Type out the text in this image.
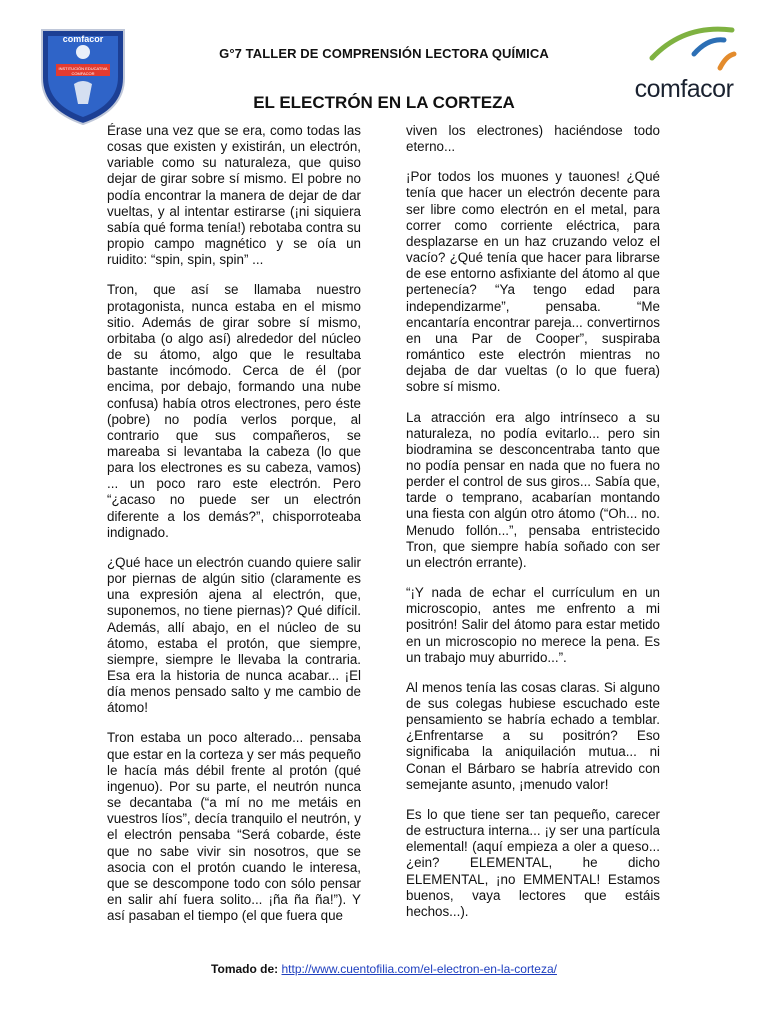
comfacor
INSTITUCIÓN EDUCATIVA COMFACOR
G°7 TALLER DE COMPRENSIÓN LECTORA QUÍMICA
comfacor
EL ELECTRÓN EN LA CORTEZA

Érase una vez que se era, como todas las cosas que existen y existirán, un electrón, variable como su naturaleza, que quiso dejar de girar sobre sí mismo. El pobre no podía encontrar la manera de dejar de dar vueltas, y al intentar estirarse (¡ni siquiera sabía qué forma tenía!) rebotaba contra su propio campo magnético y se oía un ruidito: “spin, spin, spin” ...

Tron, que así se llamaba nuestro protagonista, nunca estaba en el mismo sitio. Además de girar sobre sí mismo, orbitaba (o algo así) alrededor del núcleo de su átomo, algo que le resultaba bastante incómodo. Cerca de él (por encima, por debajo, formando una nube confusa) había otros electrones, pero éste (pobre) no podía verlos porque, al contrario que sus compañeros, se mareaba si levantaba la cabeza (lo que para los electrones es su cabeza, vamos) ... un poco raro este electrón. Pero “¿acaso no puede ser un electrón diferente a los demás?”, chisporroteaba indignado.

¿Qué hace un electrón cuando quiere salir por piernas de algún sitio (claramente es una expresión ajena al electrón, que, suponemos, no tiene piernas)? Qué difícil. Además, allí abajo, en el núcleo de su átomo, estaba el protón, que siempre, siempre, siempre le llevaba la contraria. Esa era la historia de nunca acabar... ¡El día menos pensado salto y me cambio de átomo!

Tron estaba un poco alterado... pensaba que estar en la corteza y ser más pequeño le hacía más débil frente al protón (qué ingenuo). Por su parte, el neutrón nunca se decantaba (“a mí no me metáis en vuestros líos”, decía tranquilo el neutrón, y el electrón pensaba “Será cobarde, éste que no sabe vivir sin nosotros, que se asocia con el protón cuando le interesa, que se descompone todo con sólo pensar en salir ahí fuera solito... ¡ña ña ña!”). Y así pasaban el tiempo (el que fuera que

viven los electrones) haciéndose todo eterno...

¡Por todos los muones y tauones! ¿Qué tenía que hacer un electrón decente para ser libre como electrón en el metal, para correr como corriente eléctrica, para desplazarse en un haz cruzando veloz el vacío? ¿Qué tenía que hacer para librarse de ese entorno asfixiante del átomo al que pertenecía? “Ya tengo edad para independizarme”, pensaba. “Me encantaría encontrar pareja... convertirnos en una Par de Cooper”, suspiraba romántico este electrón mientras no dejaba de dar vueltas (o lo que fuera) sobre sí mismo.

La atracción era algo intrínseco a su naturaleza, no podía evitarlo... pero sin biodramina se desconcentraba tanto que no podía pensar en nada que no fuera no perder el control de sus giros... Sabía que, tarde o temprano, acabarían montando una fiesta con algún otro átomo (“Oh... no. Menudo follón...”, pensaba entristecido Tron, que siempre había soñado con ser un electrón errante).

“¡Y nada de echar el currículum en un microscopio, antes me enfrento a mi positrón! Salir del átomo para estar metido en un microscopio no merece la pena. Es un trabajo muy aburrido...”.

Al menos tenía las cosas claras. Si alguno de sus colegas hubiese escuchado este pensamiento se habría echado a temblar. ¿Enfrentarse a su positrón? Eso significaba la aniquilación mutua... ni Conan el Bárbaro se habría atrevido con semejante asunto, ¡menudo valor!

Es lo que tiene ser tan pequeño, carecer de estructura interna... ¡y ser una partícula elemental! (aquí empieza a oler a queso... ¿ein? ELEMENTAL, he dicho ELEMENTAL, ¡no EMMENTAL! Estamos buenos, vaya lectores que estáis hechos...).

Tomado de: http://www.cuentofilia.com/el-electron-en-la-corteza/
